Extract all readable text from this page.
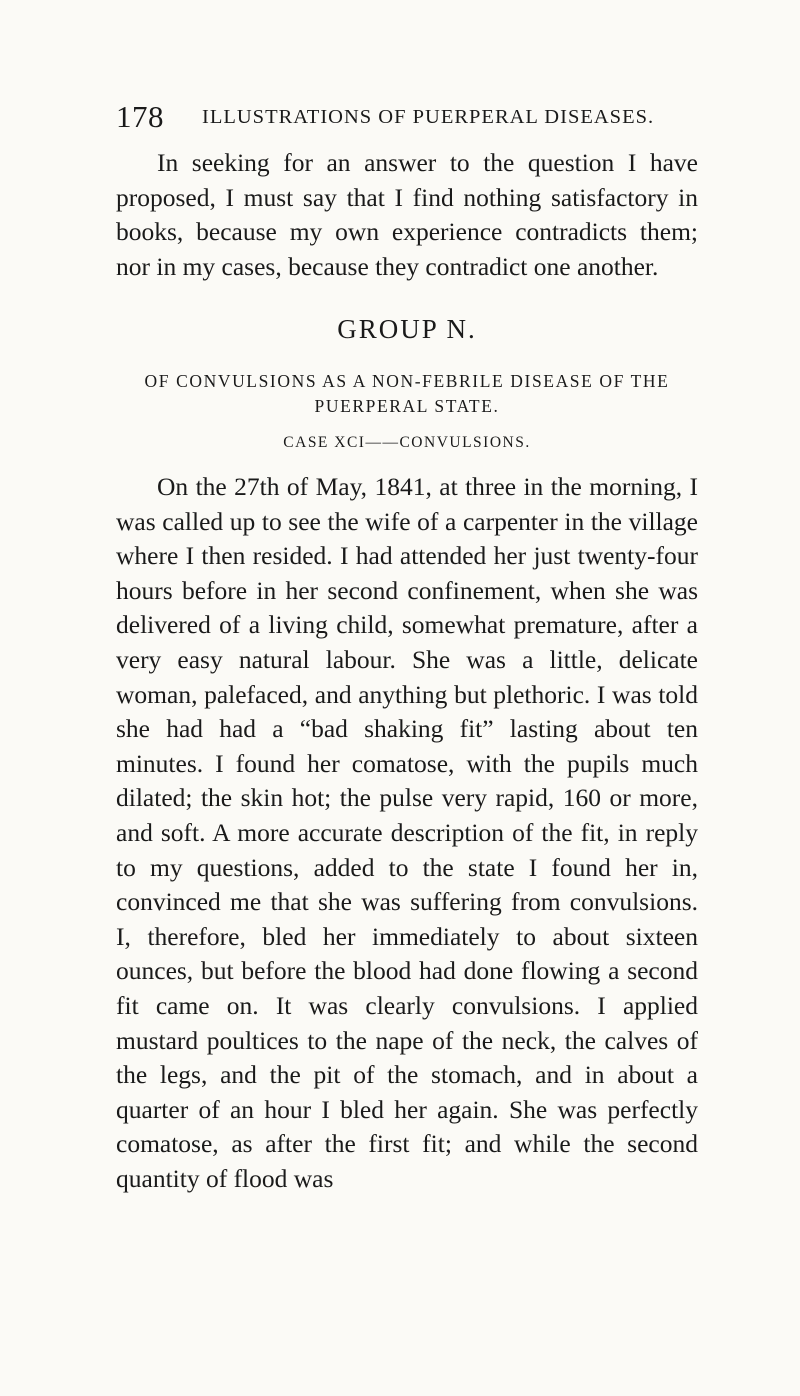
178 ILLUSTRATIONS OF PUERPERAL DISEASES.

In seeking for an answer to the question I have proposed, I must say that I find nothing satisfactory in books, because my own experience contradicts them; nor in my cases, because they contradict one another.

GROUP N.

OF CONVULSIONS AS A NON-FEBRILE DISEASE OF THE PUERPERAL STATE.

CASE XCI——CONVULSIONS.

On the 27th of May, 1841, at three in the morning, I was called up to see the wife of a carpenter in the village where I then resided. I had attended her just twenty-four hours before in her second confinement, when she was delivered of a living child, somewhat premature, after a very easy natural labour. She was a little, delicate woman, palefaced, and anything but plethoric. I was told she had had a “bad shaking fit” lasting about ten minutes. I found her comatose, with the pupils much dilated; the skin hot; the pulse very rapid, 160 or more, and soft. A more accurate description of the fit, in reply to my questions, added to the state I found her in, convinced me that she was suffering from convulsions. I, therefore, bled her immediately to about sixteen ounces, but before the blood had done flowing a second fit came on. It was clearly convulsions. I applied mustard poultices to the nape of the neck, the calves of the legs, and the pit of the stomach, and in about a quarter of an hour I bled her again. She was perfectly comatose, as after the first fit; and while the second quantity of flood was
